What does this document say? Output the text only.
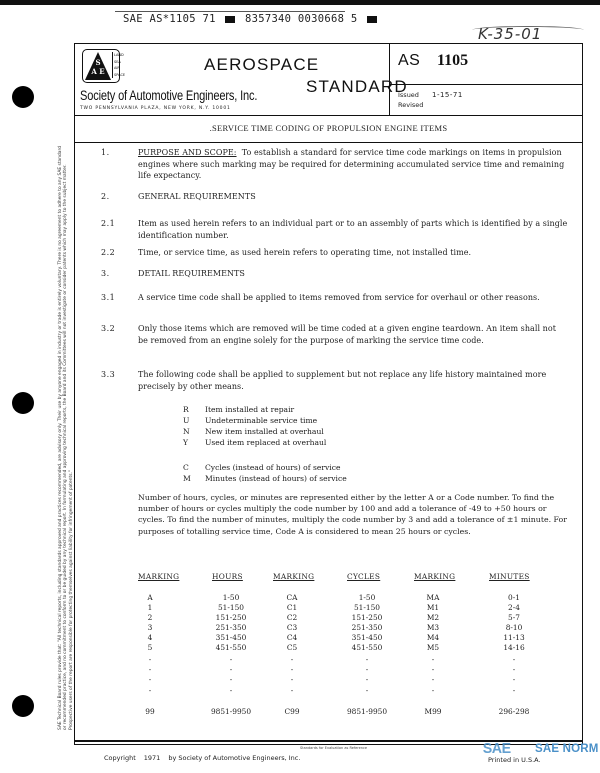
SAE AS*1105 71	8357340 0030668 5
K-35-01
SAE Technical Board rules provide that: "All technical reports, including standards approved and practices recommended, are advisory only. Their use by anyone engaged in industry or trade is entirely voluntary. There is no agreement to adhere to any SAE standard or recommended practice, and no commitment to conform to or be guided by any technical report. In formulating and approving technical reports, the Board and its Committees will not investigate or consider patents which may apply to the subject matter. Prospective users of the report are responsible for protecting themselves against liability for infringement of patents."
S
A E
LAND
SEA
AIR
SPACE
Society of Automotive Engineers, Inc.
TWO PENNSYLVANIA PLAZA, NEW YORK, N.Y. 10001
AEROSPACE
STANDARD
AS 1105
Issued 1-15-71
Revised
.SERVICE TIME CODING OF PROPULSION ENGINE ITEMS
1.	PURPOSE AND SCOPE: To establish a standard for service time code markings on items in propulsion engines where such marking may be required for determining accumulated service time and remaining life expectancy.
2.	GENERAL REQUIREMENTS
2.1	Item as used herein refers to an individual part or to an assembly of parts which is identified by a single identification number.
2.2	Time, or service time, as used herein refers to operating time, not installed time.
3.	DETAIL REQUIREMENTS
3.1	A service time code shall be applied to items removed from service for overhaul or other reasons.
3.2	Only those items which are removed will be time coded at a given engine teardown. An item shall not be removed from an engine solely for the purpose of marking the service time code.
3.3	The following code shall be applied to supplement but not replace any life history maintained more precisely by other means.
R	Item installed at repair
U	Undeterminable service time
N	New item installed at overhaul
Y	Used item replaced at overhaul
C	Cycles (instead of hours) of service
M	Minutes (instead of hours) of service
Number of hours, cycles, or minutes are represented either by the letter A or a Code number. To find the number of hours or cycles multiply the code number by 100 and add a tolerance of -49 to +50 hours or cycles. To find the number of minutes, multiply the code number by 3 and add a tolerance of ±1 minute. For purposes of totalling service time, Code A is considered to mean 25 hours or cycles.
MARKING	HOURS	MARKING	CYCLES	MARKING	MINUTES
A	1-50	CA	1-50	MA	0-1
1	51-150	C1	51-150	M1	2-4
2	151-250	C2	151-250	M2	5-7
3	251-350	C3	251-350	M3	8-10
4	351-450	C4	351-450	M4	11-13
5	451-550	C5	451-550	M5	14-16
-	-	-	-	-	-
-	-	-	-	-	-
-	-	-	-	-	-
-	-	-	-	-	-
99	9851-9950	C99	9851-9950	M99	296-298
Standards for Evaluation as Reference
Copyright 1971 by Society of Automotive Engineers, Inc.
SAE SAE NORM
Printed in U.S.A.
